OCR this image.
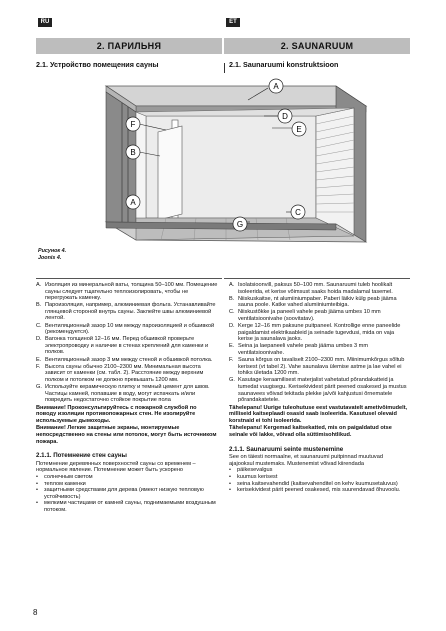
RU	ET
2. ПАРИЛЬНЯ	2. SAUNARUUM
2.1. Устройство помещения сауны	2.1. Saunaruumi konstruktsioon
A
D
E
F
B
A
C
G
Рисунок 4.
Joonis 4.
A. Изоляция из минеральной ваты, толщина 50–100 мм. Помещение сауны следует тщательно теплоизолировать, чтобы не перегружать каменку.
B. Пароизоляция, например, алюминиевая фольга. Устанавливайте глянцевой стороной внутрь сауны. Заклейте швы алюминиевой лентой.
C. Вентиляционный зазор 10 мм между пароизоляцией и обшивкой (рекомендуется).
D. Вагонка толщиной 12–16 мм. Перед обшивкой проверьте электропроводку и наличие в стенах креплений для каменки и полков.
E. Вентиляционный зазор 3 мм между стеной и обшивкой потолка.
F. Высота сауны обычно 2100–2300 мм. Минимальная высота зависит от каменки (см. табл. 2). Расстояние между верхним полком и потолком не должно превышать 1200 мм.
G. Используйте керамическую плитку и темный цемент для швов. Частицы камней, попавшие в воду, могут испачкать и/или повредить недостаточно стойкое покрытие пола
Внимание! Проконсультируйтесь с пожарной службой по поводу изоляции противопожарных стен. Не изолируйте используемые дымоходы.
Внимание! Легкие защитные экраны, монтируемые непосредственно на стены или потолок, могут быть источником пожара.
2.1.1. Потемнение стен сауны
Потемнение деревянных поверхностей сауны со временем – нормальное явление. Потемнение может быть ускорено
•	солнечным светом
•	теплом каменки
•	защитными средствами для дерева (имеют низкую тепловую устойчивость)
•	мелкими частицами от камней сауны, поднимаемыми воздушным потоком.
A. Isolatsioonvill, paksus 50–100 mm. Saunaruumi tuleb hoolikalt isoleerida, et kerise võimsust saaks hoida madalamal tasemel.
B. Niiskuskaitse, nt alumiiniumpaber. Paberi läikiv külg peab jääma sauna poole. Katke vahed alumiiniumteibiga.
C. Niiskustõkke ja paneeli vahele peab jääma umbes 10 mm ventilatsioonivahe (soovitatav).
D. Kerge 12–16 mm paksune puitpaneel. Kontrollige enne paneelide paigaldamist elektrikaableid ja seinade tugevdusi, mida on vaja kerise ja saunalava jaoks.
E. Seina ja laepaneeli vahele peab jääma umbes 3 mm ventilatsioonivahe.
F. Sauna kõrgus on tavaliselt 2100–2300 mm. Miinimumkõrgus sõltub kerisest (vt tabel 2). Vahe saunalava ülemise astme ja lae vahel ei tohiks ületada 1200 mm.
G. Kasutage keraamilisest materjalist vahetatud põrandakatteid ja tumedat vuugisegu. Kerisekividest pärit peened osakesed ja mustus saunavees võivad tekitada plekke ja/või kahjustusi õrnematele põrandakatetele.
Tähelepanu! Uurige tuleohutuse eest vastutavatelt ametivõimudelt, milliseid kaitseplaadi osasid saab isoleerida. Kasutusel olevaid korstnaid ei tohi isoleerida.
Tähelepanu! Kergemad kaitsekatted, mis on paigaldatud otse seinale või lakke, võivad olla süttimisohtlikud.
2.1.1. Saunaruumi seinte mustenemine
See on täiesti normaalne, et saunaruumi puitpinnad muutuvad ajajooksul mustemaks. Mustenemist võivad kiirendada
•	päikesevalgus
•	kuumus kerisest
•	seina kaitsevahendid (kaitsevahenditel on kehv kuumusetaluvus)
•	kerisekividest pärit peened osakesed, mis suurendavad õhuvoolu.
8
